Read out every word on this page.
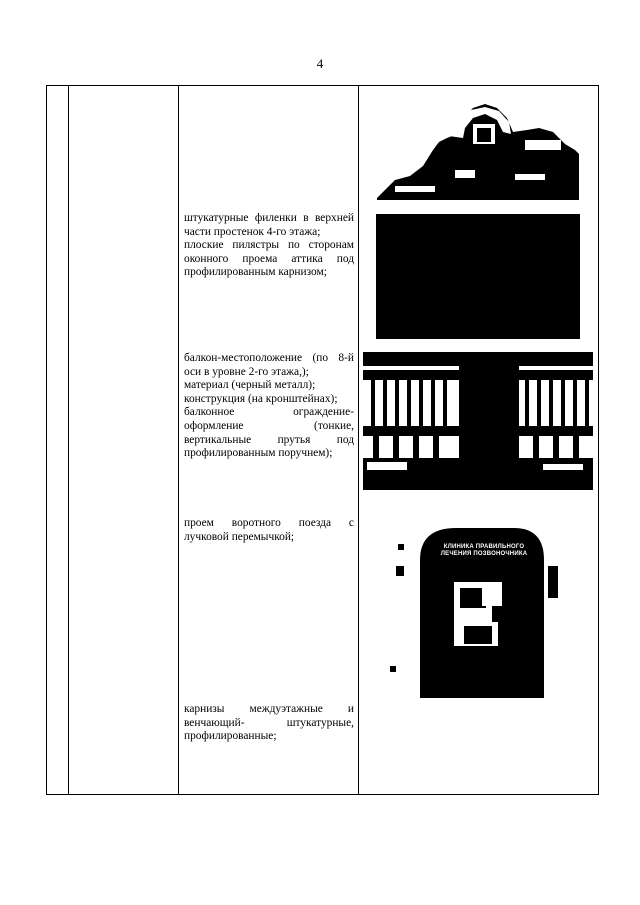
4

штукатурные филенки в верхней части простенок 4-го этажа;

плоские пилястры по сторонам оконного проема аттика под профилированным карнизом;

балкон-местоположение (по 8-й оси в уровне 2-го этажа,);

материал (черный металл);

конструкция (на кронштейнах);

балконное ограждение-оформление (тонкие, вертикальные прутья под профилированным поручнем);

проем воротного поезда с лучковой перемычкой;

карнизы междуэтажные и венчающий- штукатурные, профилированные;

КЛИНИКА ПРАВИЛЬНОГО
ЛЕЧЕНИЯ ПОЗВОНОЧНИКА
